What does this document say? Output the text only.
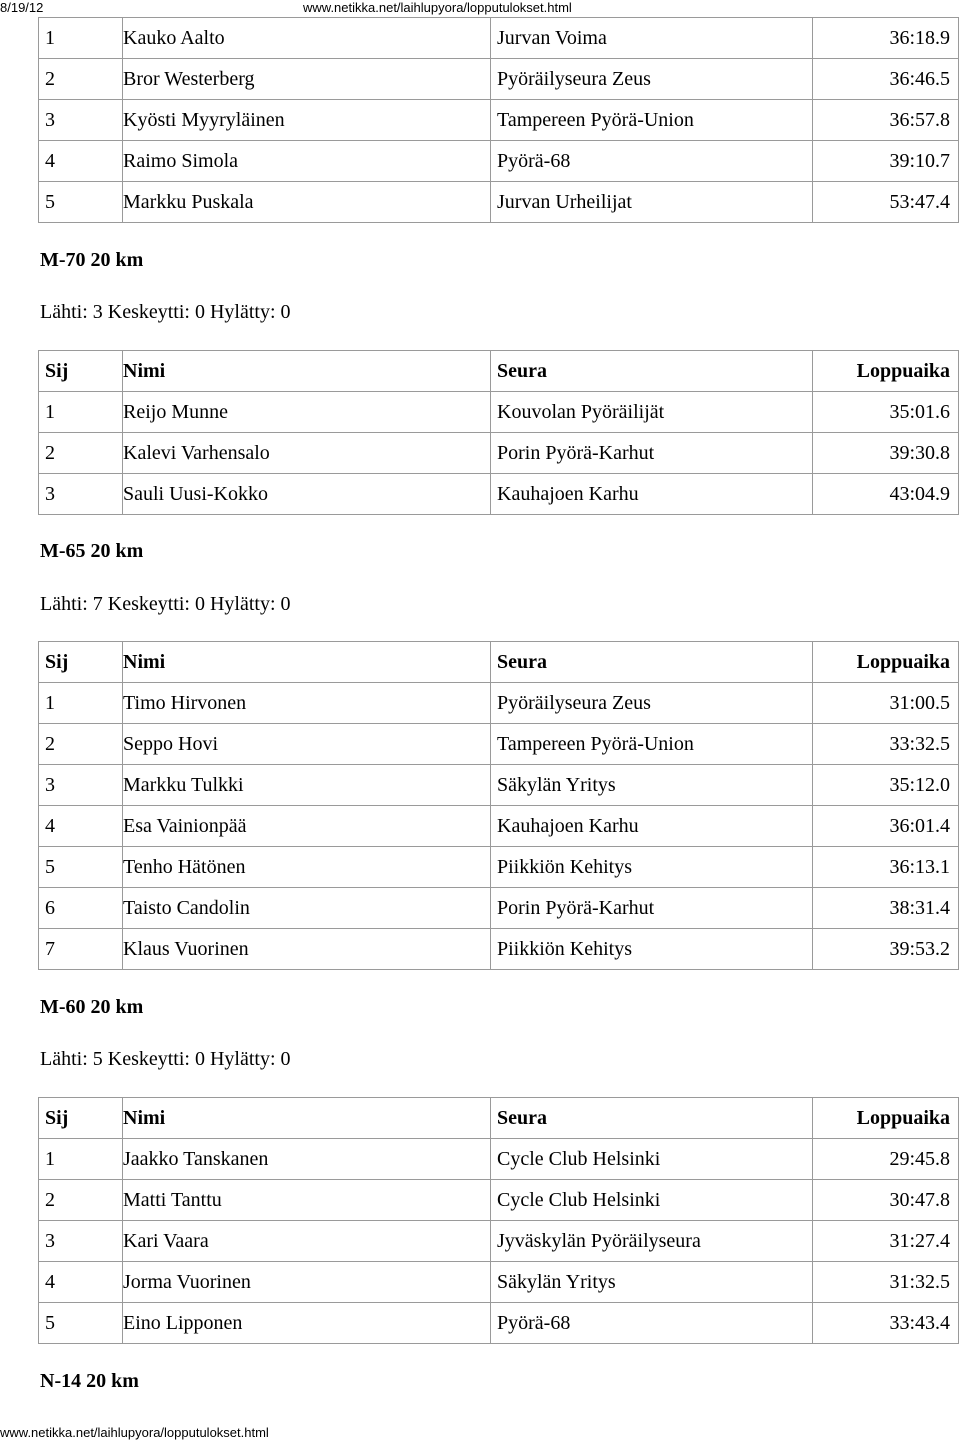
8/19/12	www.netikka.net/laihlupyora/lopputulokset.html
www.netikka.net/laihlupyora/lopputulokset.html
1	Kauko Aalto	Jurvan Voima	36:18.9
2	Bror Westerberg	Pyöräilyseura Zeus	36:46.5
3	Kyösti Myyryläinen	Tampereen Pyörä-Union	36:57.8
4	Raimo Simola	Pyörä-68	39:10.7
5	Markku Puskala	Jurvan Urheilijat	53:47.4
M-70 20 km
Lähti: 3 Keskeytti: 0 Hylätty: 0
Sij	Nimi	Seura	Loppuaika
1	Reijo Munne	Kouvolan Pyöräilijät	35:01.6
2	Kalevi Varhensalo	Porin Pyörä-Karhut	39:30.8
3	Sauli Uusi-Kokko	Kauhajoen Karhu	43:04.9
M-65 20 km
Lähti: 7 Keskeytti: 0 Hylätty: 0
Sij	Nimi	Seura	Loppuaika
1	Timo Hirvonen	Pyöräilyseura Zeus	31:00.5
2	Seppo Hovi	Tampereen Pyörä-Union	33:32.5
3	Markku Tulkki	Säkylän Yritys	35:12.0
4	Esa Vainionpää	Kauhajoen Karhu	36:01.4
5	Tenho Hätönen	Piikkiön Kehitys	36:13.1
6	Taisto Candolin	Porin Pyörä-Karhut	38:31.4
7	Klaus Vuorinen	Piikkiön Kehitys	39:53.2
M-60 20 km
Lähti: 5 Keskeytti: 0 Hylätty: 0
Sij	Nimi	Seura	Loppuaika
1	Jaakko Tanskanen	Cycle Club Helsinki	29:45.8
2	Matti Tanttu	Cycle Club Helsinki	30:47.8
3	Kari Vaara	Jyväskylän Pyöräilyseura	31:27.4
4	Jorma Vuorinen	Säkylän Yritys	31:32.5
5	Eino Lipponen	Pyörä-68	33:43.4
N-14 20 km
